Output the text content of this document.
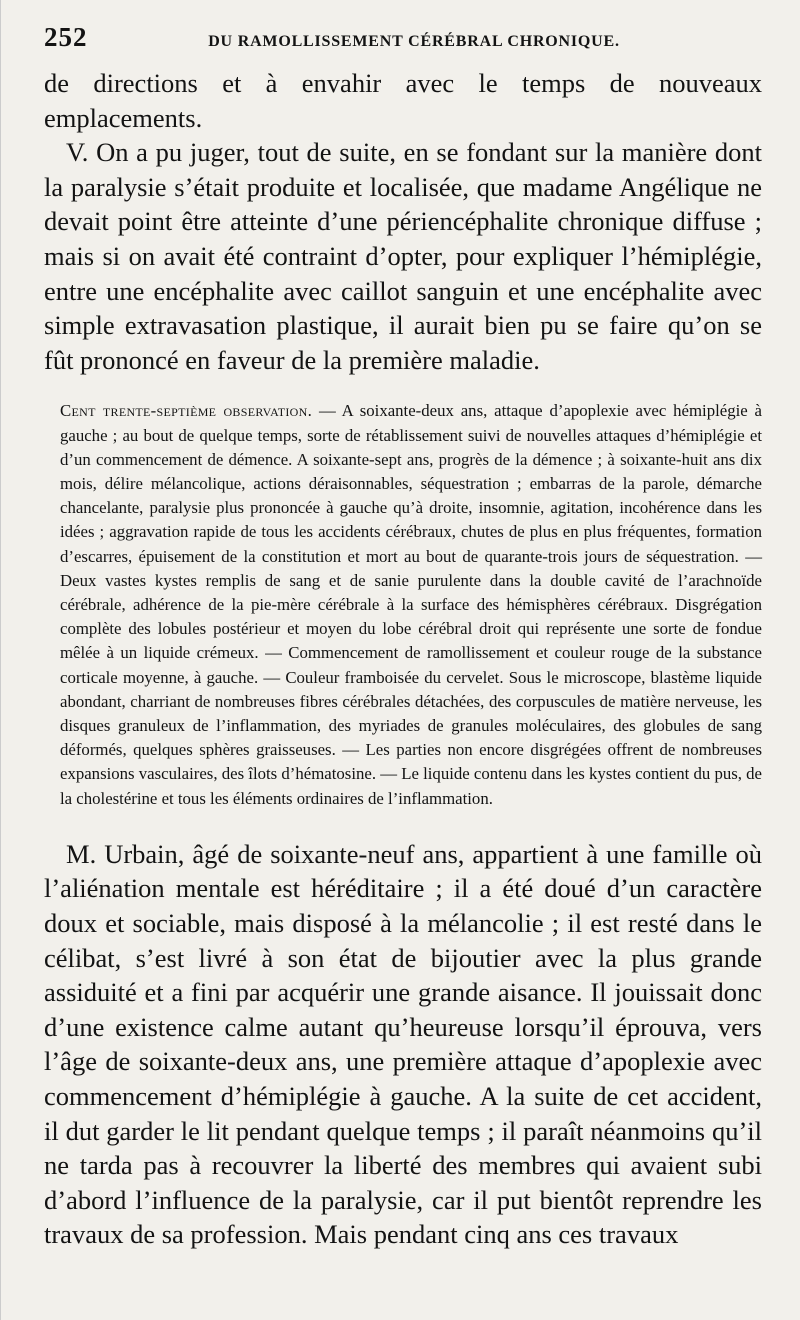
252	DU RAMOLLISSEMENT CÉRÉBRAL CHRONIQUE.

de directions et à envahir avec le temps de nouveaux emplacements.

V. On a pu juger, tout de suite, en se fondant sur la manière dont la paralysie s’était produite et localisée, que madame Angélique ne devait point être atteinte d’une périencéphalite chronique diffuse ; mais si on avait été contraint d’opter, pour expliquer l’hémiplégie, entre une encéphalite avec caillot sanguin et une encéphalite avec simple extravasation plastique, il aurait bien pu se faire qu’on se fût prononcé en faveur de la première maladie.

Cent trente-septième observation. — A soixante-deux ans, attaque d’apoplexie avec hémiplégie à gauche ; au bout de quelque temps, sorte de rétablissement suivi de nouvelles attaques d’hémiplégie et d’un commencement de démence. A soixante-sept ans, progrès de la démence ; à soixante-huit ans dix mois, délire mélancolique, actions déraisonnables, séquestration ; embarras de la parole, démarche chancelante, paralysie plus prononcée à gauche qu’à droite, insomnie, agitation, incohérence dans les idées ; aggravation rapide de tous les accidents cérébraux, chutes de plus en plus fréquentes, formation d’escarres, épuisement de la constitution et mort au bout de quarante-trois jours de séquestration. — Deux vastes kystes remplis de sang et de sanie purulente dans la double cavité de l’arachnoïde cérébrale, adhérence de la pie-mère cérébrale à la surface des hémisphères cérébraux. Disgrégation complète des lobules postérieur et moyen du lobe cérébral droit qui représente une sorte de fondue mêlée à un liquide crémeux. — Commencement de ramollissement et couleur rouge de la substance corticale moyenne, à gauche. — Couleur framboisée du cervelet. Sous le microscope, blastème liquide abondant, charriant de nombreuses fibres cérébrales détachées, des corpuscules de matière nerveuse, les disques granuleux de l’inflammation, des myriades de granules moléculaires, des globules de sang déformés, quelques sphères graisseuses. — Les parties non encore disgrégées offrent de nombreuses expansions vasculaires, des îlots d’hématosine. — Le liquide contenu dans les kystes contient du pus, de la cholestérine et tous les éléments ordinaires de l’inflammation.

M. Urbain, âgé de soixante-neuf ans, appartient à une famille où l’aliénation mentale est héréditaire ; il a été doué d’un caractère doux et sociable, mais disposé à la mélancolie ; il est resté dans le célibat, s’est livré à son état de bijoutier avec la plus grande assiduité et a fini par acquérir une grande aisance. Il jouissait donc d’une existence calme autant qu’heureuse lorsqu’il éprouva, vers l’âge de soixante-deux ans, une première attaque d’apoplexie avec commencement d’hémiplégie à gauche. A la suite de cet accident, il dut garder le lit pendant quelque temps ; il paraît néanmoins qu’il ne tarda pas à recouvrer la liberté des membres qui avaient subi d’abord l’influence de la paralysie, car il put bientôt reprendre les travaux de sa profession. Mais pendant cinq ans ces travaux
